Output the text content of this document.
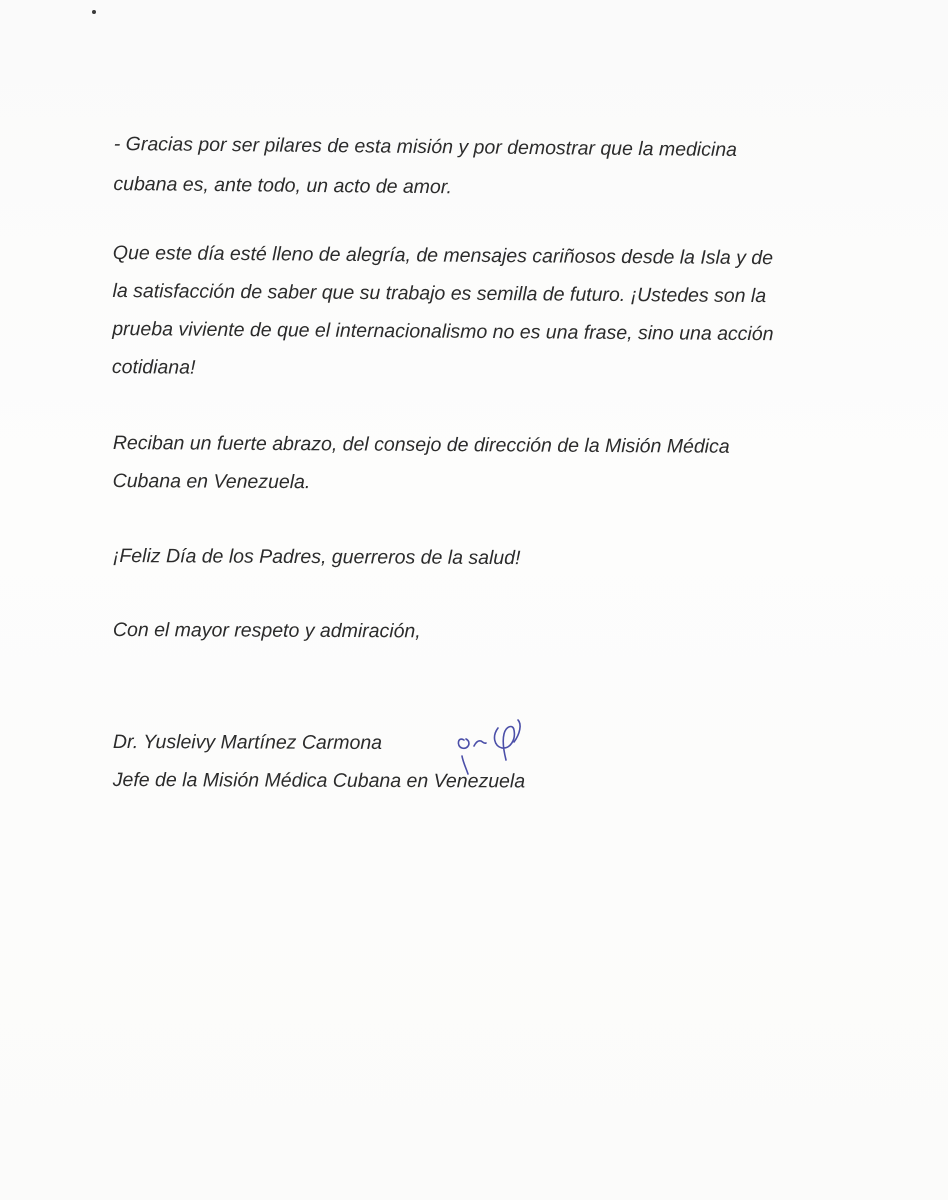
- Gracias por ser pilares de esta misión y por demostrar que la medicina
cubana es, ante todo, un acto de amor.

Que este día esté lleno de alegría, de mensajes cariñosos desde la Isla y de
la satisfacción de saber que su trabajo es semilla de futuro. ¡Ustedes son la
prueba viviente de que el internacionalismo no es una frase, sino una acción
cotidiana!

Reciban un fuerte abrazo, del consejo de dirección de la Misión Médica
Cubana en Venezuela.

¡Feliz Día de los Padres, guerreros de la salud!

Con el mayor respeto y admiración,

Dr. Yusleivy Martínez Carmona
Jefe de la Misión Médica Cubana en Venezuela
